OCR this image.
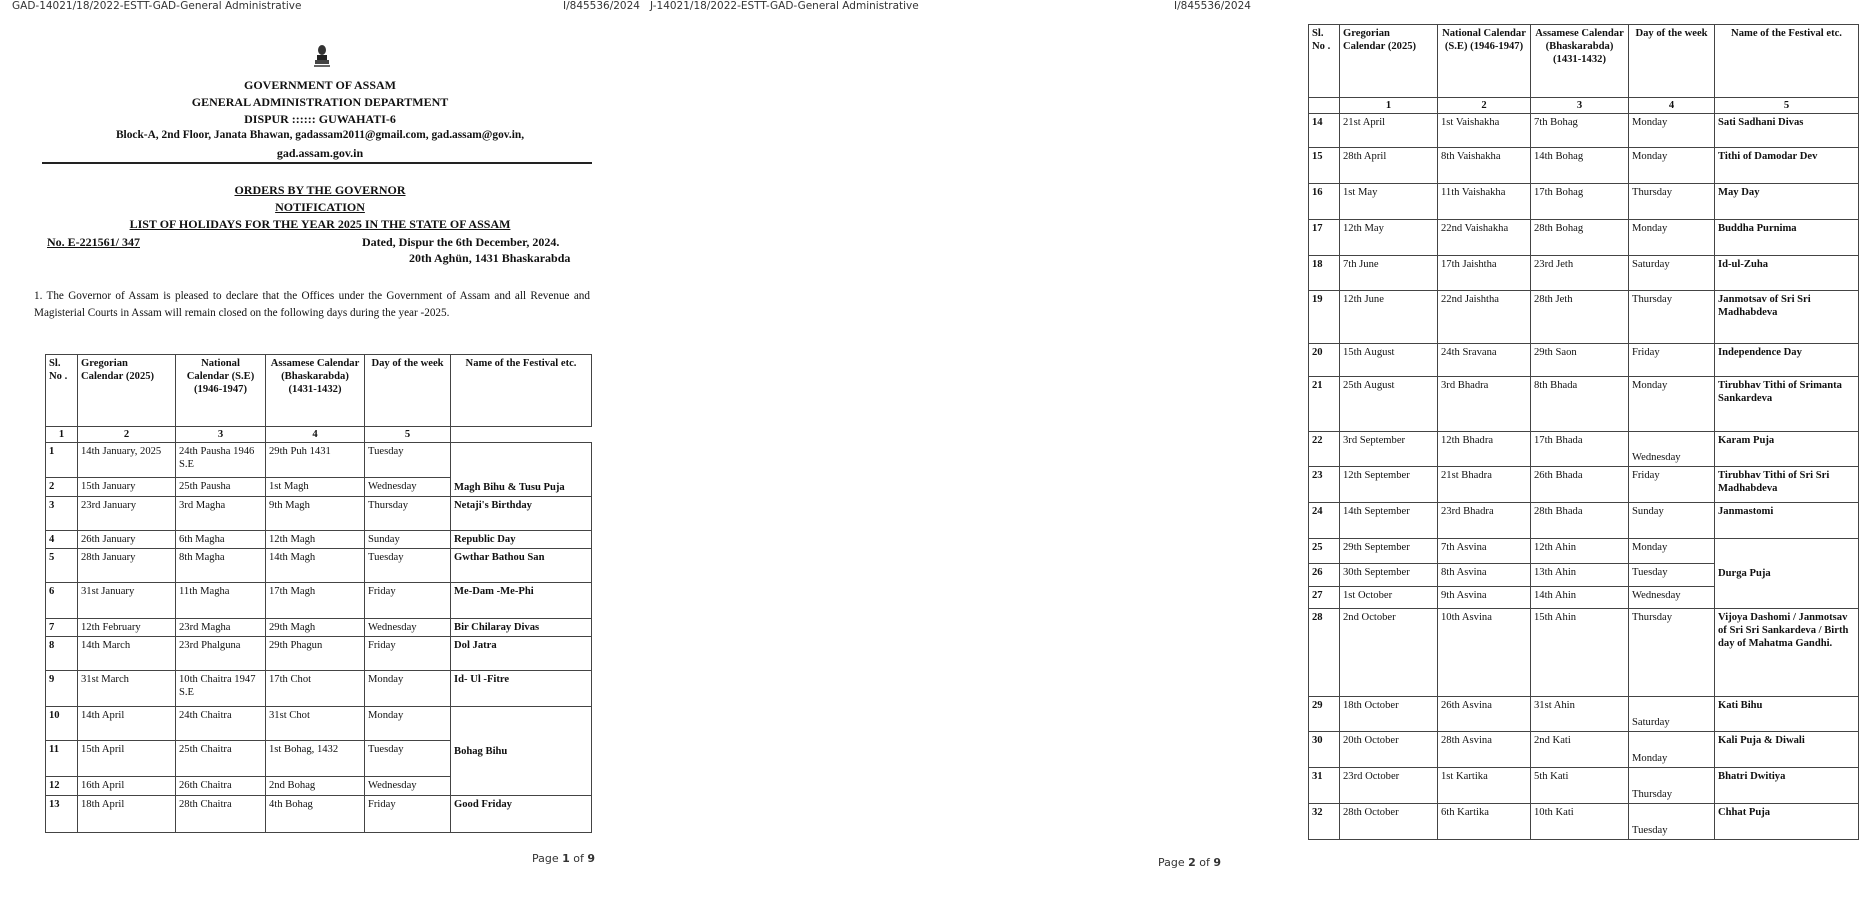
GAD-14021/18/2022-ESTT-GAD-General Administrative	I/845536/2024
GOVERNMENT OF ASSAM
GENERAL ADMINISTRATION DEPARTMENT
DISPUR :::::: GUWAHATI-6
Block-A, 2nd Floor, Janata Bhawan, gadassam2011@gmail.com, gad.assam@gov.in,
gad.assam.gov.in
ORDERS BY THE GOVERNOR
NOTIFICATION
LIST OF HOLIDAYS FOR THE YEAR 2025 IN THE STATE OF ASSAM
No. E-221561/ 347	Dated, Dispur the 6th December, 2024.
20th Aghün, 1431 Bhaskarabda
1. The Governor of Assam is pleased to declare that the Offices under the Government of Assam and all Revenue and Magisterial Courts in Assam will remain closed on the following days during the year -2025.
Sl. No .	Gregorian Calendar (2025)	National Calendar (S.E) (1946-1947)	Assamese Calendar (Bhaskarabda) (1431-1432)	Day of the week	Name of the Festival etc.
1	2	3	4	5
1	14th January, 2025	24th Pausha 1946 S.E	29th Puh 1431	Tuesday	Magh Bihu & Tusu Puja
2	15th January	25th Pausha	1st Magh	Wednesday	
3	23rd January	3rd Magha	9th Magh	Thursday	Netaji's Birthday
4	26th January	6th Magha	12th Magh	Sunday	Republic Day
5	28th January	8th Magha	14th Magh	Tuesday	Gwthar Bathou San
6	31st January	11th Magha	17th Magh	Friday	Me-Dam -Me-Phi
7	12th February	23rd Magha	29th Magh	Wednesday	Bir Chilaray Divas
8	14th March	23rd Phalguna	29th Phagun	Friday	Dol Jatra
9	31st March	10th Chaitra 1947 S.E	17th Chot	Monday	Id- Ul -Fitre
10	14th April	24th Chaitra	31st Chot	Monday	Bohag Bihu
11	15th April	25th Chaitra	1st Bohag, 1432	Tuesday	
12	16th April	26th Chaitra	2nd Bohag	Wednesday	
13	18th April	28th Chaitra	4th Bohag	Friday	Good Friday
Page 1 of 9
J-14021/18/2022-ESTT-GAD-General Administrative	I/845536/2024
Sl. No .	Gregorian Calendar (2025)	National Calendar (S.E) (1946-1947)	Assamese Calendar (Bhaskarabda) (1431-1432)	Day of the week	Name of the Festival etc.
	1	2	3	4	5
14	21st April	1st Vaishakha	7th Bohag	Monday	Sati Sadhani Divas
15	28th April	8th Vaishakha	14th Bohag	Monday	Tithi of Damodar Dev
16	1st May	11th Vaishakha	17th Bohag	Thursday	May Day
17	12th May	22nd Vaishakha	28th Bohag	Monday	Buddha Purnima
18	7th June	17th Jaishtha	23rd Jeth	Saturday	Id-ul-Zuha
19	12th June	22nd Jaishtha	28th Jeth	Thursday	Janmotsav of Sri Sri Madhabdeva
20	15th August	24th Sravana	29th Saon	Friday	Independence Day
21	25th August	3rd Bhadra	8th Bhada	Monday	Tirubhav Tithi of Srimanta Sankardeva
22	3rd September	12th Bhadra	17th Bhada	Wednesday	Karam Puja
23	12th September	21st Bhadra	26th Bhada	Friday	Tirubhav Tithi of Sri Sri Madhabdeva
24	14th September	23rd Bhadra	28th Bhada	Sunday	Janmastomi
25	29th September	7th Asvina	12th Ahin	Monday	Durga Puja
26	30th September	8th Asvina	13th Ahin	Tuesday	
27	1st October	9th Asvina	14th Ahin	Wednesday	
28	2nd October	10th Asvina	15th Ahin	Thursday	Vijoya Dashomi / Janmotsav of Sri Sri Sankardeva / Birth day of Mahatma Gandhi.
29	18th October	26th Asvina	31st Ahin	Saturday	Kati Bihu
30	20th October	28th Asvina	2nd Kati	Monday	Kali Puja & Diwali
31	23rd October	1st Kartika	5th Kati	Thursday	Bhatri Dwitiya
32	28th October	6th Kartika	10th Kati	Tuesday	Chhat Puja
Page 2 of 9
